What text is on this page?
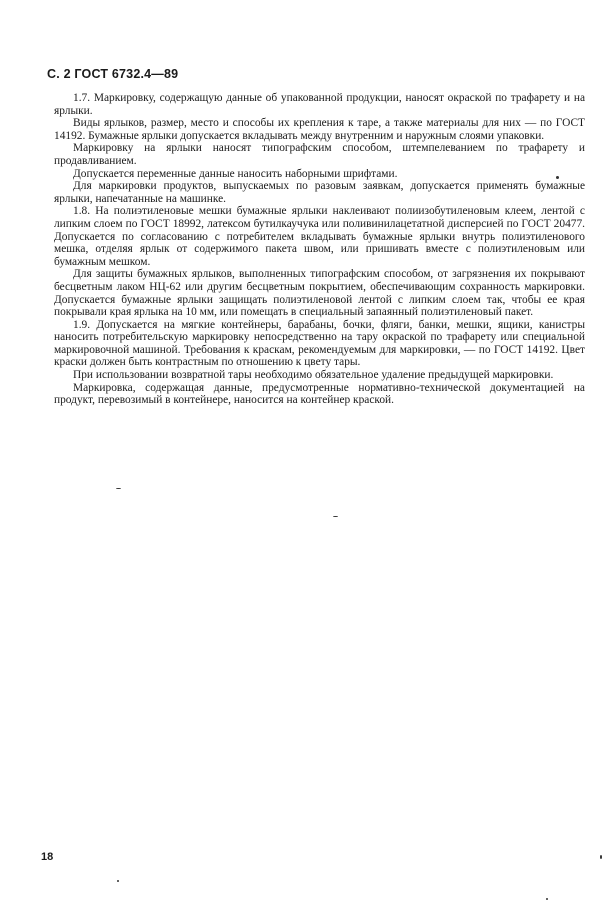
С. 2 ГОСТ 6732.4—89

1.7. Маркировку, содержащую данные об упакованной продукции, наносят окраской по трафарету и на ярлыки.

Виды ярлыков, размер, место и способы их крепления к таре, а также материалы для них — по ГОСТ 14192. Бумажные ярлыки допускается вкладывать между внутренним и наружным слоями упаковки.

Маркировку на ярлыки наносят типографским способом, штемпелеванием по трафарету и продавливанием.

Допускается переменные данные наносить наборными шрифтами.

Для маркировки продуктов, выпускаемых по разовым заявкам, допускается применять бумажные ярлыки, напечатанные на машинке.

1.8. На полиэтиленовые мешки бумажные ярлыки наклеивают полиизобутиленовым клеем, лентой с липким слоем по ГОСТ 18992, латексом бутилкаучука или поливинилацетатной дисперсией по ГОСТ 20477. Допускается по согласованию с потребителем вкладывать бумажные ярлыки внутрь полиэтиленового мешка, отделяя ярлык от содержимого пакета швом, или пришивать вместе с полиэтиленовым или бумажным мешком.

Для защиты бумажных ярлыков, выполненных типографским способом, от загрязнения их покрывают бесцветным лаком НЦ-62 или другим бесцветным покрытием, обеспечивающим сохранность маркировки. Допускается бумажные ярлыки защищать полиэтиленовой лентой с липким слоем так, чтобы ее края покрывали края ярлыка на 10 мм, или помещать в специальный запаянный полиэтиленовый пакет.

1.9. Допускается на мягкие контейнеры, барабаны, бочки, фляги, банки, мешки, ящики, канистры наносить потребительскую маркировку непосредственно на тару окраской по трафарету или специальной маркировочной машиной. Требования к краскам, рекомендуемым для маркировки, — по ГОСТ 14192. Цвет краски должен быть контрастным по отношению к цвету тары.

При использовании возвратной тары необходимо обязательное удаление предыдущей маркировки.

Маркировка, содержащая данные, предусмотренные нормативно-технической документацией на продукт, перевозимый в контейнере, наносится на контейнер краской.

18
